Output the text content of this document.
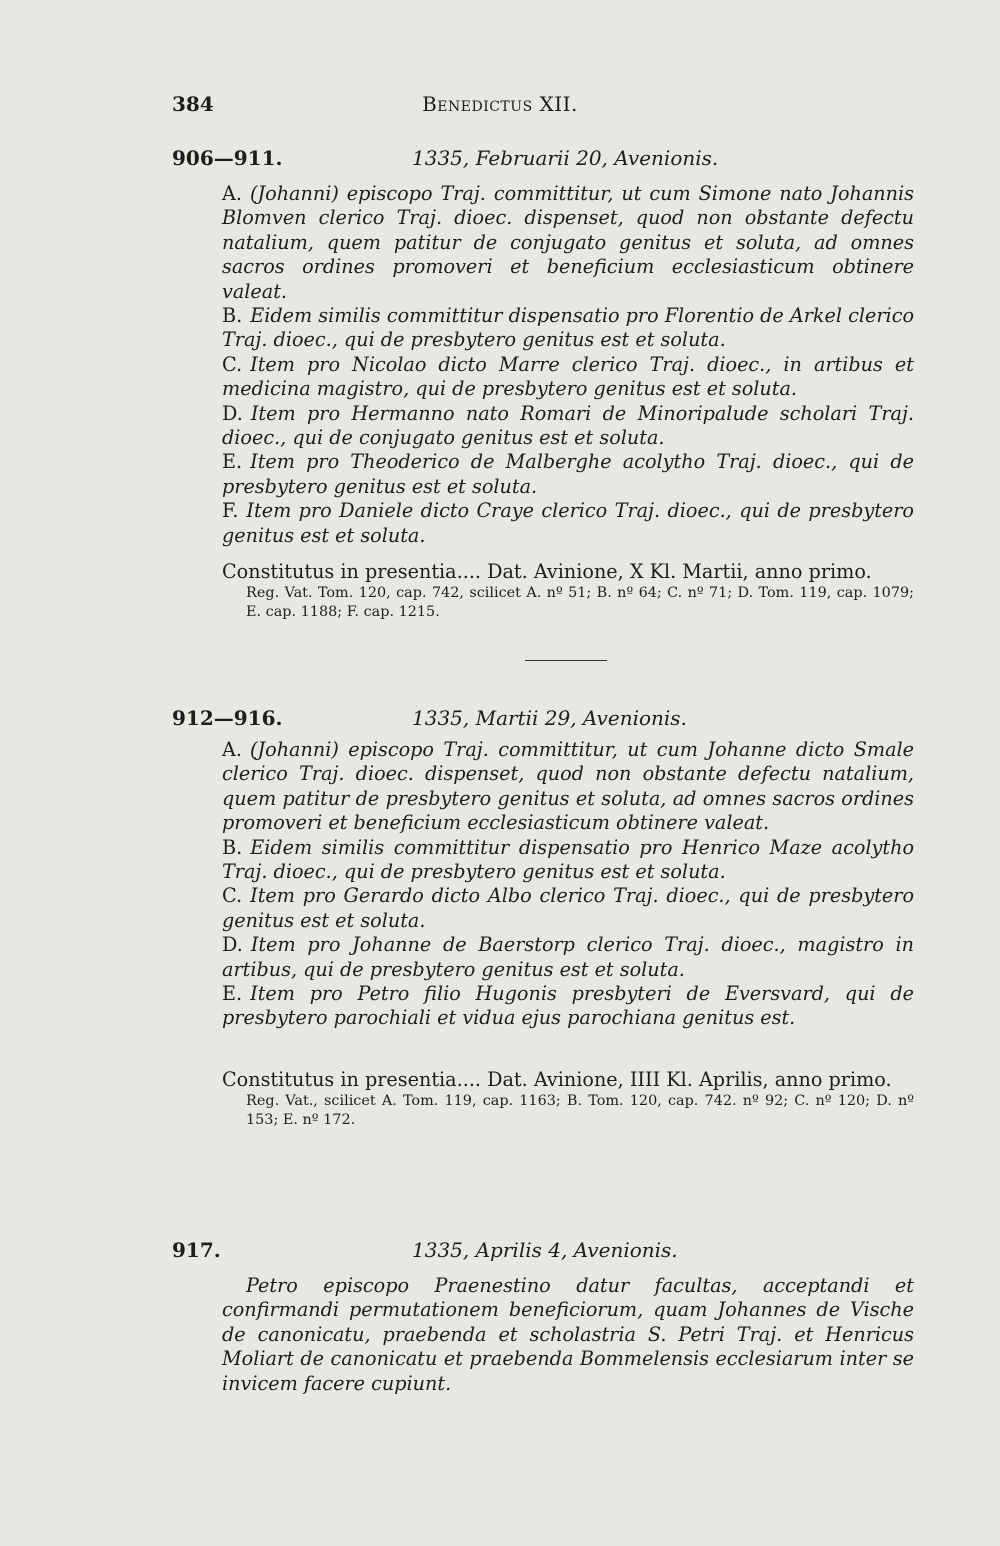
384	Benedictus XII.
906—911.	1335, Februarii 20, Avenionis.

A. (Johanni) episcopo Traj. committitur, ut cum Simone nato Johannis Blomven clerico Traj. dioec. dispenset, quod non obstante defectu natalium, quem patitur de conjugato genitus et soluta, ad omnes sacros ordines promoveri et beneficium ecclesiasticum obtinere valeat.

B. Eidem similis committitur dispensatio pro Florentio de Arkel clerico Traj. dioec., qui de presbytero genitus est et soluta.

C. Item pro Nicolao dicto Marre clerico Traj. dioec., in artibus et medicina magistro, qui de presbytero genitus est et soluta.

D. Item pro Hermanno nato Romari de Minoripalude scholari Traj. dioec., qui de conjugato genitus est et soluta.

E. Item pro Theoderico de Malberghe acolytho Traj. dioec., qui de presbytero genitus est et soluta.

F. Item pro Daniele dicto Craye clerico Traj. dioec., qui de presbytero genitus est et soluta.

Constitutus in presentia.... Dat. Avinione, X Kl. Martii, anno primo.

Reg. Vat. Tom. 120, cap. 742, scilicet A. nº 51; B. nº 64; C. nº 71; D. Tom. 119, cap. 1079; E. cap. 1188; F. cap. 1215.

912—916.	1335, Martii 29, Avenionis.

A. (Johanni) episcopo Traj. committitur, ut cum Johanne dicto Smale clerico Traj. dioec. dispenset, quod non obstante defectu natalium, quem patitur de presbytero genitus et soluta, ad omnes sacros ordines promoveri et beneficium ecclesiasticum obtinere valeat.

B. Eidem similis committitur dispensatio pro Henrico Maze acolytho Traj. dioec., qui de presbytero genitus est et soluta.

C. Item pro Gerardo dicto Albo clerico Traj. dioec., qui de presbytero genitus est et soluta.

D. Item pro Johanne de Baerstorp clerico Traj. dioec., magistro in artibus, qui de presbytero genitus est et soluta.

E. Item pro Petro filio Hugonis presbyteri de Eversvard, qui de presbytero parochiali et vidua ejus parochiana genitus est.

Constitutus in presentia.... Dat. Avinione, IIII Kl. Aprilis, anno primo.

Reg. Vat., scilicet A. Tom. 119, cap. 1163; B. Tom. 120, cap. 742. nº 92; C. nº 120; D. nº 153; E. nº 172.

917.	1335, Aprilis 4, Avenionis.

Petro episcopo Praenestino datur facultas, acceptandi et confirmandi permutationem beneficiorum, quam Johannes de Vische de canonicatu, praebenda et scholastria S. Petri Traj. et Henricus Moliart de canonicatu et praebenda Bommelensis ecclesiarum inter se invicem facere cupiunt.
